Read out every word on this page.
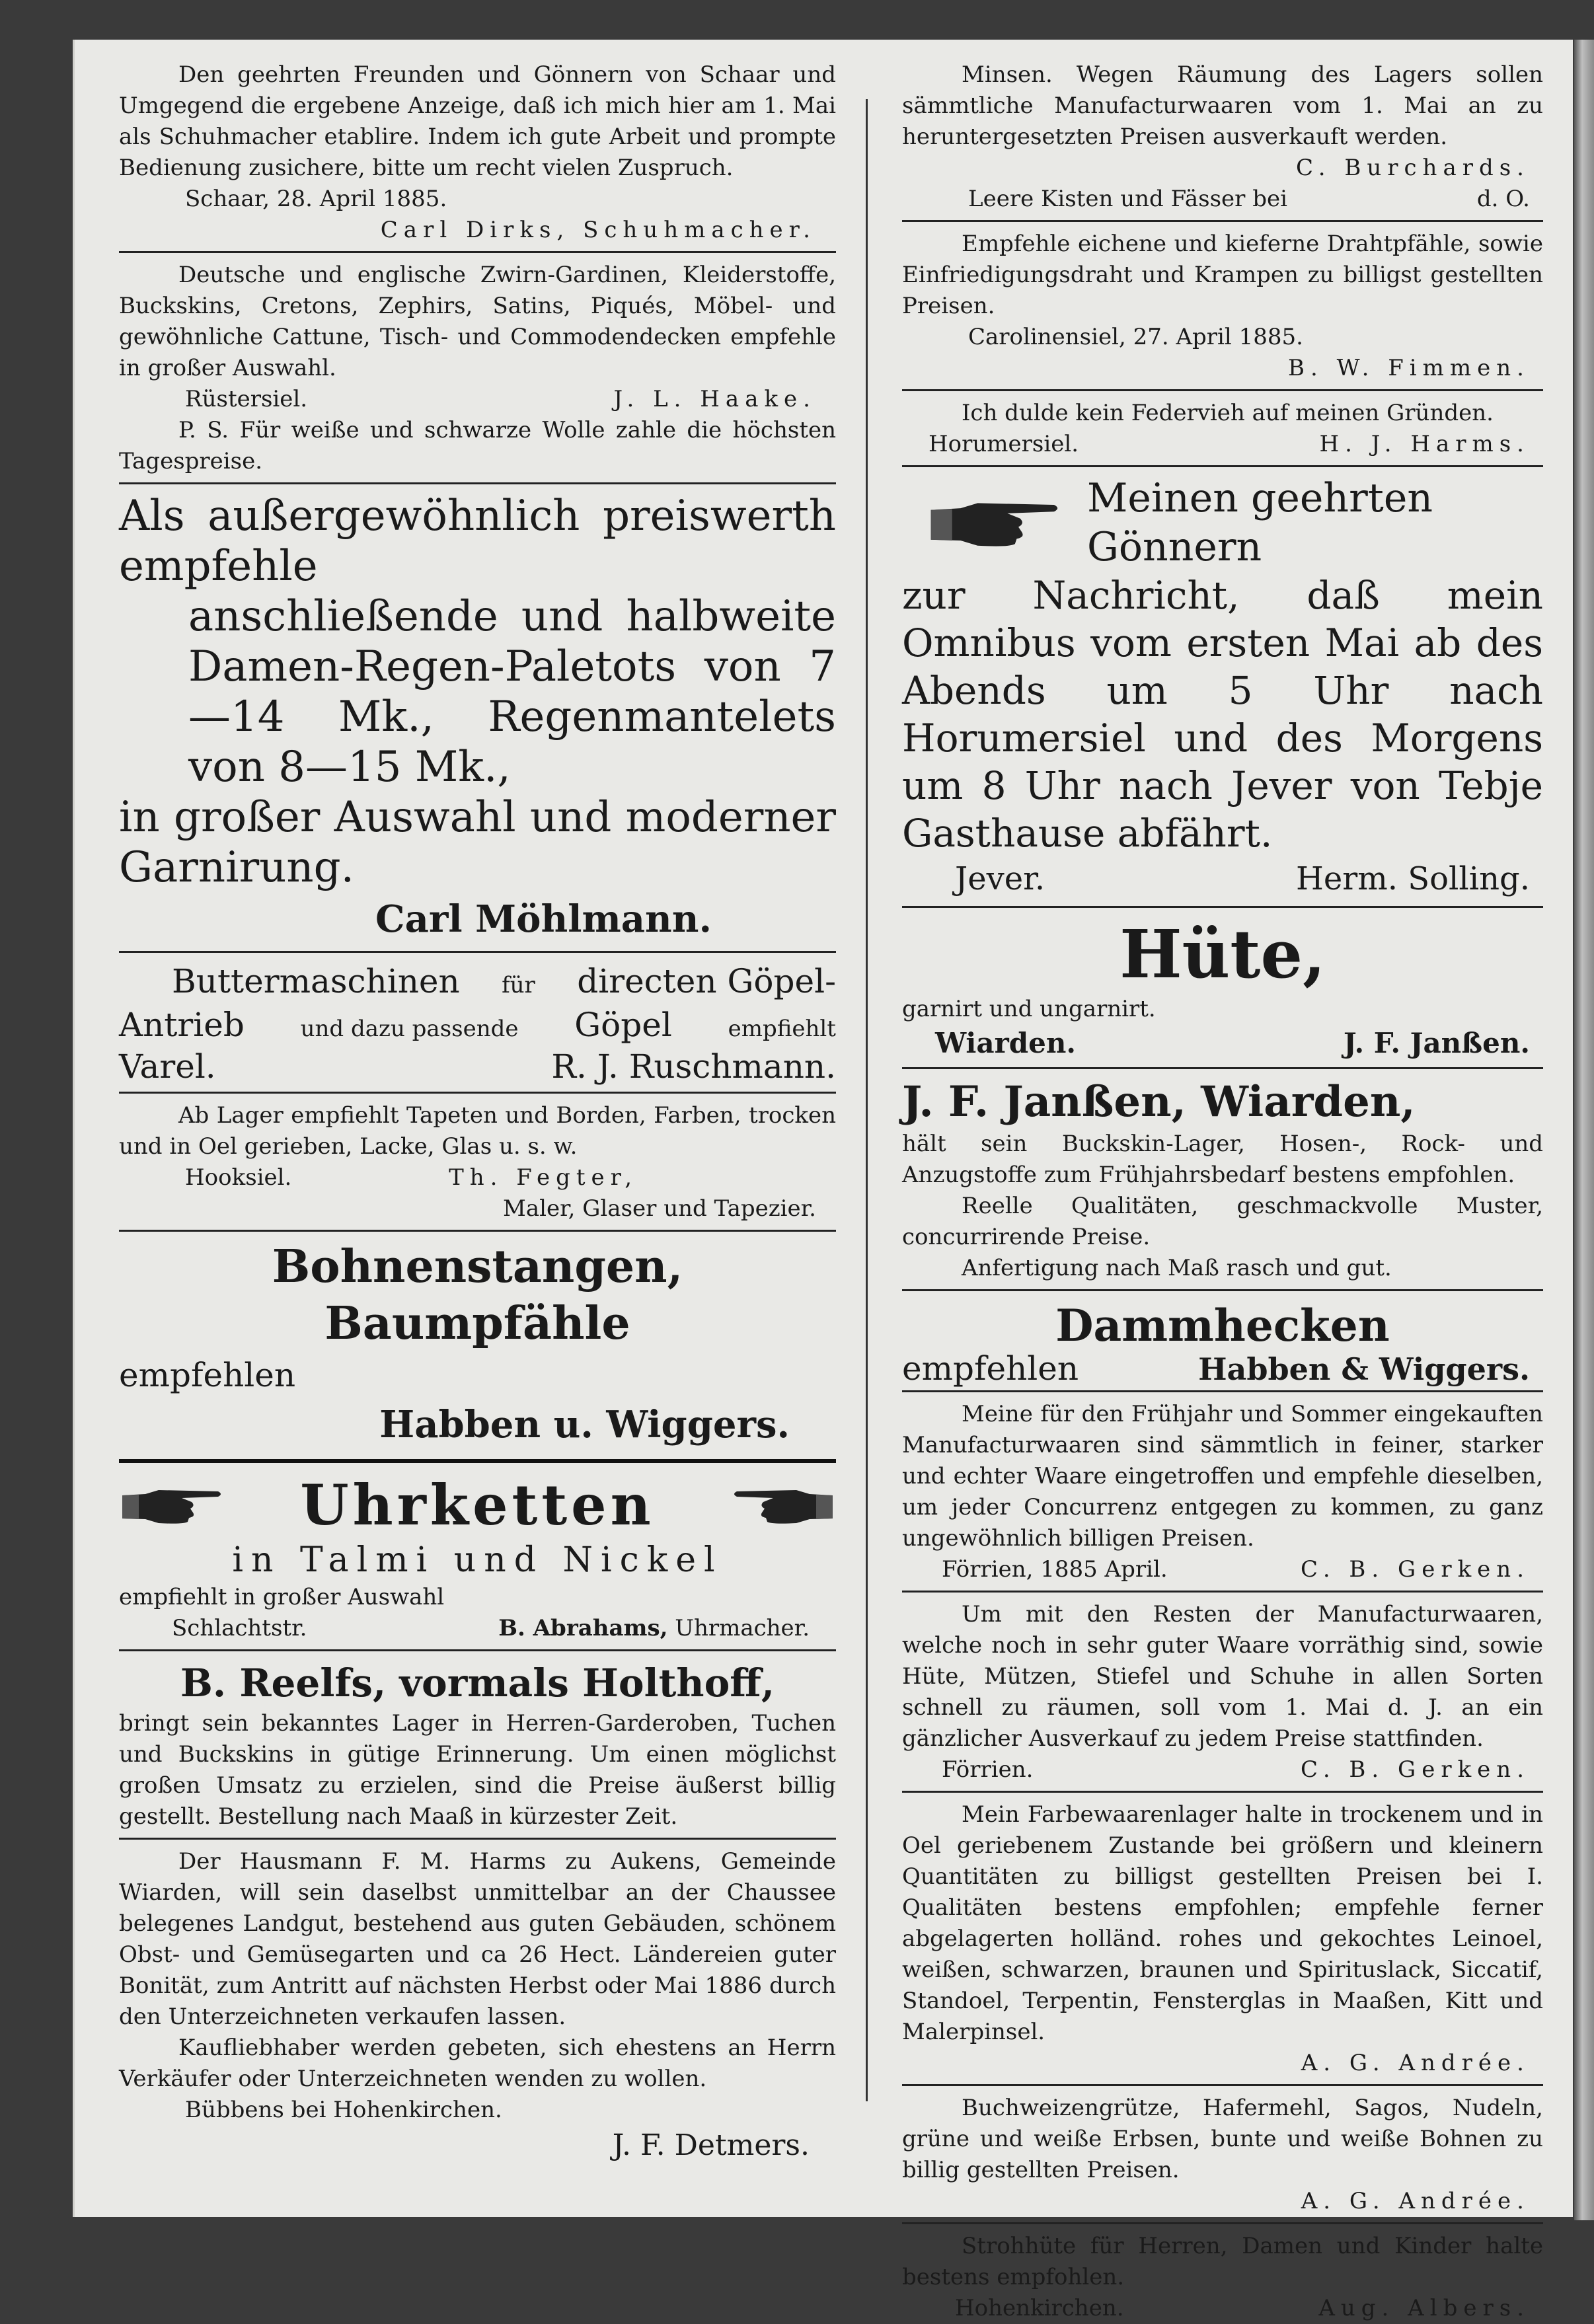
Den geehrten Freunden und Gönnern von Schaar und Umgegend die ergebene Anzeige, daß ich mich hier am 1. Mai als Schuhmacher etablire. Indem ich gute Arbeit und prompte Bedienung zusichere, bitte um recht vielen Zuspruch.

Schaar, 28. April 1885.

Carl Dirks, Schuhmacher.

Deutsche und englische Zwirn-Gardinen, Kleiderstoffe, Buckskins, Cretons, Zephirs, Satins, Piqués, Möbel- und gewöhnliche Cattune, Tisch- und Commodendecken empfehle in großer Auswahl.

Rüstersiel.	J. L. Haake.

P. S. Für weiße und schwarze Wolle zahle die höchsten Tagespreise.

Als außergewöhnlich preiswerth empfehle

anschließende und halbweite Damen-Regen-Paletots von 7—14 Mk., Regenmantelets von 8—15 Mk.,

in großer Auswahl und moderner Garnirung.

Carl Möhlmann.

Buttermaschinen für directen Göpel-
Antrieb und dazu passende Göpel empfiehlt
Varel.	R. J. Ruschmann.

Ab Lager empfiehlt Tapeten und Borden, Farben, trocken und in Oel gerieben, Lacke, Glas u. s. w.

Hooksiel.	Th. Fegter,

Maler, Glaser und Tapezier.

Bohnenstangen,

Baumpfähle

empfehlen

Habben u. Wiggers.

Uhrketten

in Talmi und Nickel

empfiehlt in großer Auswahl

Schlachtstr.	B. Abrahams, Uhrmacher.

B. Reelfs, vormals Holthoff,

bringt sein bekanntes Lager in Herren-Garderoben, Tuchen und Buckskins in gütige Erinnerung. Um einen möglichst großen Umsatz zu erzielen, sind die Preise äußerst billig gestellt. Bestellung nach Maaß in kürzester Zeit.

Der Hausmann F. M. Harms zu Aukens, Gemeinde Wiarden, will sein daselbst unmittelbar an der Chaussee belegenes Landgut, bestehend aus guten Gebäuden, schönem Obst- und Gemüsegarten und ca 26 Hect. Ländereien guter Bonität, zum Antritt auf nächsten Herbst oder Mai 1886 durch den Unterzeichneten verkaufen lassen.

Kaufliebhaber werden gebeten, sich ehestens an Herrn Verkäufer oder Unterzeichneten wenden zu wollen.

Bübbens bei Hohenkirchen.

J. F. Detmers.

Minsen. Wegen Räumung des Lagers sollen sämmtliche Manufacturwaaren vom 1. Mai an zu heruntergesetzten Preisen ausverkauft werden.

C. Burchards.

Leere Kisten und Fässer bei	d. O.

Empfehle eichene und kieferne Drahtpfähle, sowie Einfriedigungsdraht und Krampen zu billigst gestellten Preisen.

Carolinensiel, 27. April 1885.

B. W. Fimmen.

Ich dulde kein Federvieh auf meinen Gründen.

Horumersiel.	H. J. Harms.
Meinen geehrten Gönnern

zur Nachricht, daß mein Omnibus vom ersten Mai ab des Abends um 5 Uhr nach Horumersiel und des Morgens um 8 Uhr nach Jever von Tebje Gasthause abfährt.

Jever.	Herm. Solling.

Hüte,

garnirt und ungarnirt.

Wiarden.	J. F. Janßen.

J. F. Janßen, Wiarden,

hält sein Buckskin-Lager, Hosen-, Rock- und Anzugstoffe zum Frühjahrsbedarf bestens empfohlen.

Reelle Qualitäten, geschmackvolle Muster, concurrirende Preise.

Anfertigung nach Maß rasch und gut.

Dammhecken

empfehlen	Habben & Wiggers.

Meine für den Frühjahr und Sommer eingekauften Manufacturwaaren sind sämmtlich in feiner, starker und echter Waare eingetroffen und empfehle dieselben, um jeder Concurrenz entgegen zu kommen, zu ganz ungewöhnlich billigen Preisen.

Förrien, 1885 April.	C. B. Gerken.

Um mit den Resten der Manufacturwaaren, welche noch in sehr guter Waare vorräthig sind, sowie Hüte, Mützen, Stiefel und Schuhe in allen Sorten schnell zu räumen, soll vom 1. Mai d. J. an ein gänzlicher Ausverkauf zu jedem Preise stattfinden.

Förrien.	C. B. Gerken.

Mein Farbewaarenlager halte in trockenem und in Oel geriebenem Zustande bei größern und kleinern Quantitäten zu billigst gestellten Preisen bei I. Qualitäten bestens empfohlen; empfehle ferner abgelagerten holländ. rohes und gekochtes Leinoel, weißen, schwarzen, braunen und Spirituslack, Siccatif, Standoel, Terpentin, Fensterglas in Maaßen, Kitt und Malerpinsel.

A. G. Andrée.

Buchweizengrütze, Hafermehl, Sagos, Nudeln, grüne und weiße Erbsen, bunte und weiße Bohnen zu billig gestellten Preisen.

A. G. Andrée.

Strohhüte für Herren, Damen und Kinder halte bestens empfohlen.

Hohenkirchen.	Aug. Albers.
